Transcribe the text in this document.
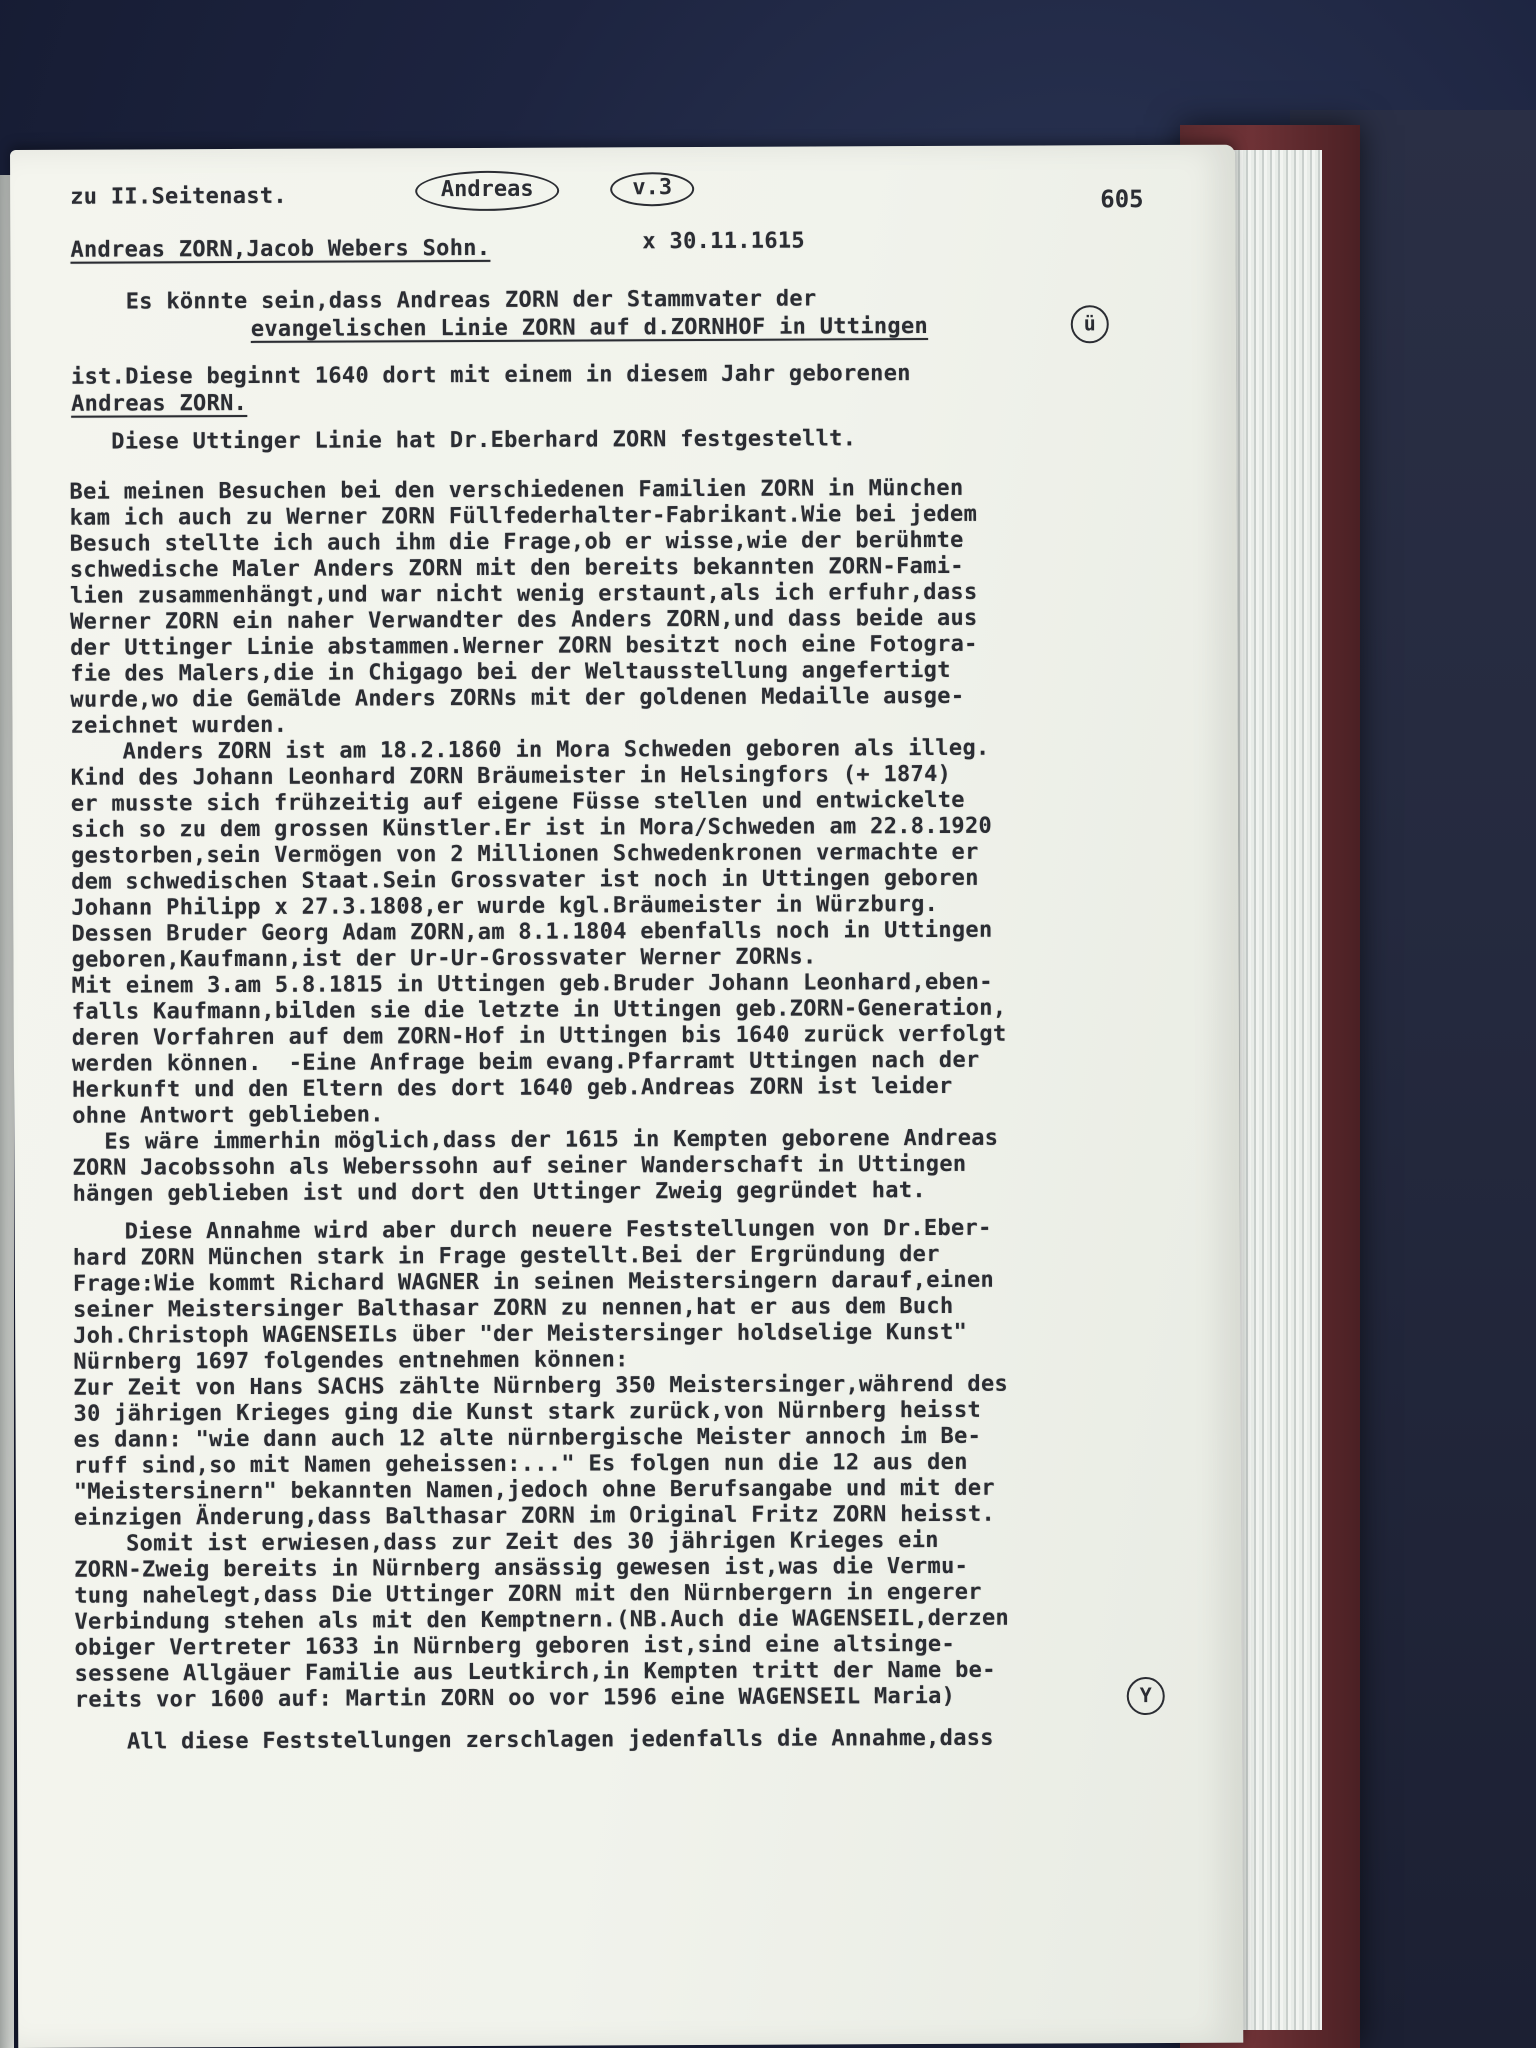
605
zu II.Seitenast.	Andreas	v.3
Andreas ZORN,Jacob Webers Sohn.	x 30.11.1615
Es könnte sein,dass Andreas ZORN der Stammvater der
evangelischen Linie ZORN auf d.ZORNHOF in Uttingen	ü
ist.Diese beginnt 1640 dort mit einem in diesem Jahr geborenen
Andreas ZORN.
Diese Uttinger Linie hat Dr.Eberhard ZORN festgestellt.
Bei meinen Besuchen bei den verschiedenen Familien ZORN in München
kam ich auch zu Werner ZORN Füllfederhalter-Fabrikant.Wie bei jedem
Besuch stellte ich auch ihm die Frage,ob er wisse,wie der berühmte
schwedische Maler Anders ZORN mit den bereits bekannten ZORN-Fami-
lien zusammenhängt,und war nicht wenig erstaunt,als ich erfuhr,dass
Werner ZORN ein naher Verwandter des Anders ZORN,und dass beide aus
der Uttinger Linie abstammen.Werner ZORN besitzt noch eine Fotogra-
fie des Malers,die in Chigago bei der Weltausstellung angefertigt
wurde,wo die Gemälde Anders ZORNs mit der goldenen Medaille ausge-
zeichnet wurden.
Anders ZORN ist am 18.2.1860 in Mora Schweden geboren als illeg.
Kind des Johann Leonhard ZORN Bräumeister in Helsingfors (+ 1874)
er musste sich frühzeitig auf eigene Füsse stellen und entwickelte
sich so zu dem grossen Künstler.Er ist in Mora/Schweden am 22.8.1920
gestorben,sein Vermögen von 2 Millionen Schwedenkronen vermachte er
dem schwedischen Staat.Sein Grossvater ist noch in Uttingen geboren
Johann Philipp x 27.3.1808,er wurde kgl.Bräumeister in Würzburg.
Dessen Bruder Georg Adam ZORN,am 8.1.1804 ebenfalls noch in Uttingen
geboren,Kaufmann,ist der Ur-Ur-Grossvater Werner ZORNs.
Mit einem 3.am 5.8.1815 in Uttingen geb.Bruder Johann Leonhard,eben-
falls Kaufmann,bilden sie die letzte in Uttingen geb.ZORN-Generation,
deren Vorfahren auf dem ZORN-Hof in Uttingen bis 1640 zurück verfolgt
werden können.  -Eine Anfrage beim evang.Pfarramt Uttingen nach der
Herkunft und den Eltern des dort 1640 geb.Andreas ZORN ist leider
ohne Antwort geblieben.
Es wäre immerhin möglich,dass der 1615 in Kempten geborene Andreas
ZORN Jacobssohn als Weberssohn auf seiner Wanderschaft in Uttingen
hängen geblieben ist und dort den Uttinger Zweig gegründet hat.
Diese Annahme wird aber durch neuere Feststellungen von Dr.Eber-
hard ZORN München stark in Frage gestellt.Bei der Ergründung der
Frage:Wie kommt Richard WAGNER in seinen Meistersingern darauf,einen
seiner Meistersinger Balthasar ZORN zu nennen,hat er aus dem Buch
Joh.Christoph WAGENSEILs über "der Meistersinger holdselige Kunst"
Nürnberg 1697 folgendes entnehmen können:
Zur Zeit von Hans SACHS zählte Nürnberg 350 Meistersinger,während des
30 jährigen Krieges ging die Kunst stark zurück,von Nürnberg heisst
es dann: "wie dann auch 12 alte nürnbergische Meister annoch im Be-
ruff sind,so mit Namen geheissen:..." Es folgen nun die 12 aus den
"Meistersinern" bekannten Namen,jedoch ohne Berufsangabe und mit der
einzigen Änderung,dass Balthasar ZORN im Original Fritz ZORN heisst.
Somit ist erwiesen,dass zur Zeit des 30 jährigen Krieges ein
ZORN-Zweig bereits in Nürnberg ansässig gewesen ist,was die Vermu-
tung nahelegt,dass Die Uttinger ZORN mit den Nürnbergern in engerer
Verbindung stehen als mit den Kemptnern.(NB.Auch die WAGENSEIL,derzen
obiger Vertreter 1633 in Nürnberg geboren ist,sind eine altsinge-
sessene Allgäuer Familie aus Leutkirch,in Kempten tritt der Name be-
reits vor 1600 auf: Martin ZORN oo vor 1596 eine WAGENSEIL Maria)	Y
All diese Feststellungen zerschlagen jedenfalls die Annahme,dass
